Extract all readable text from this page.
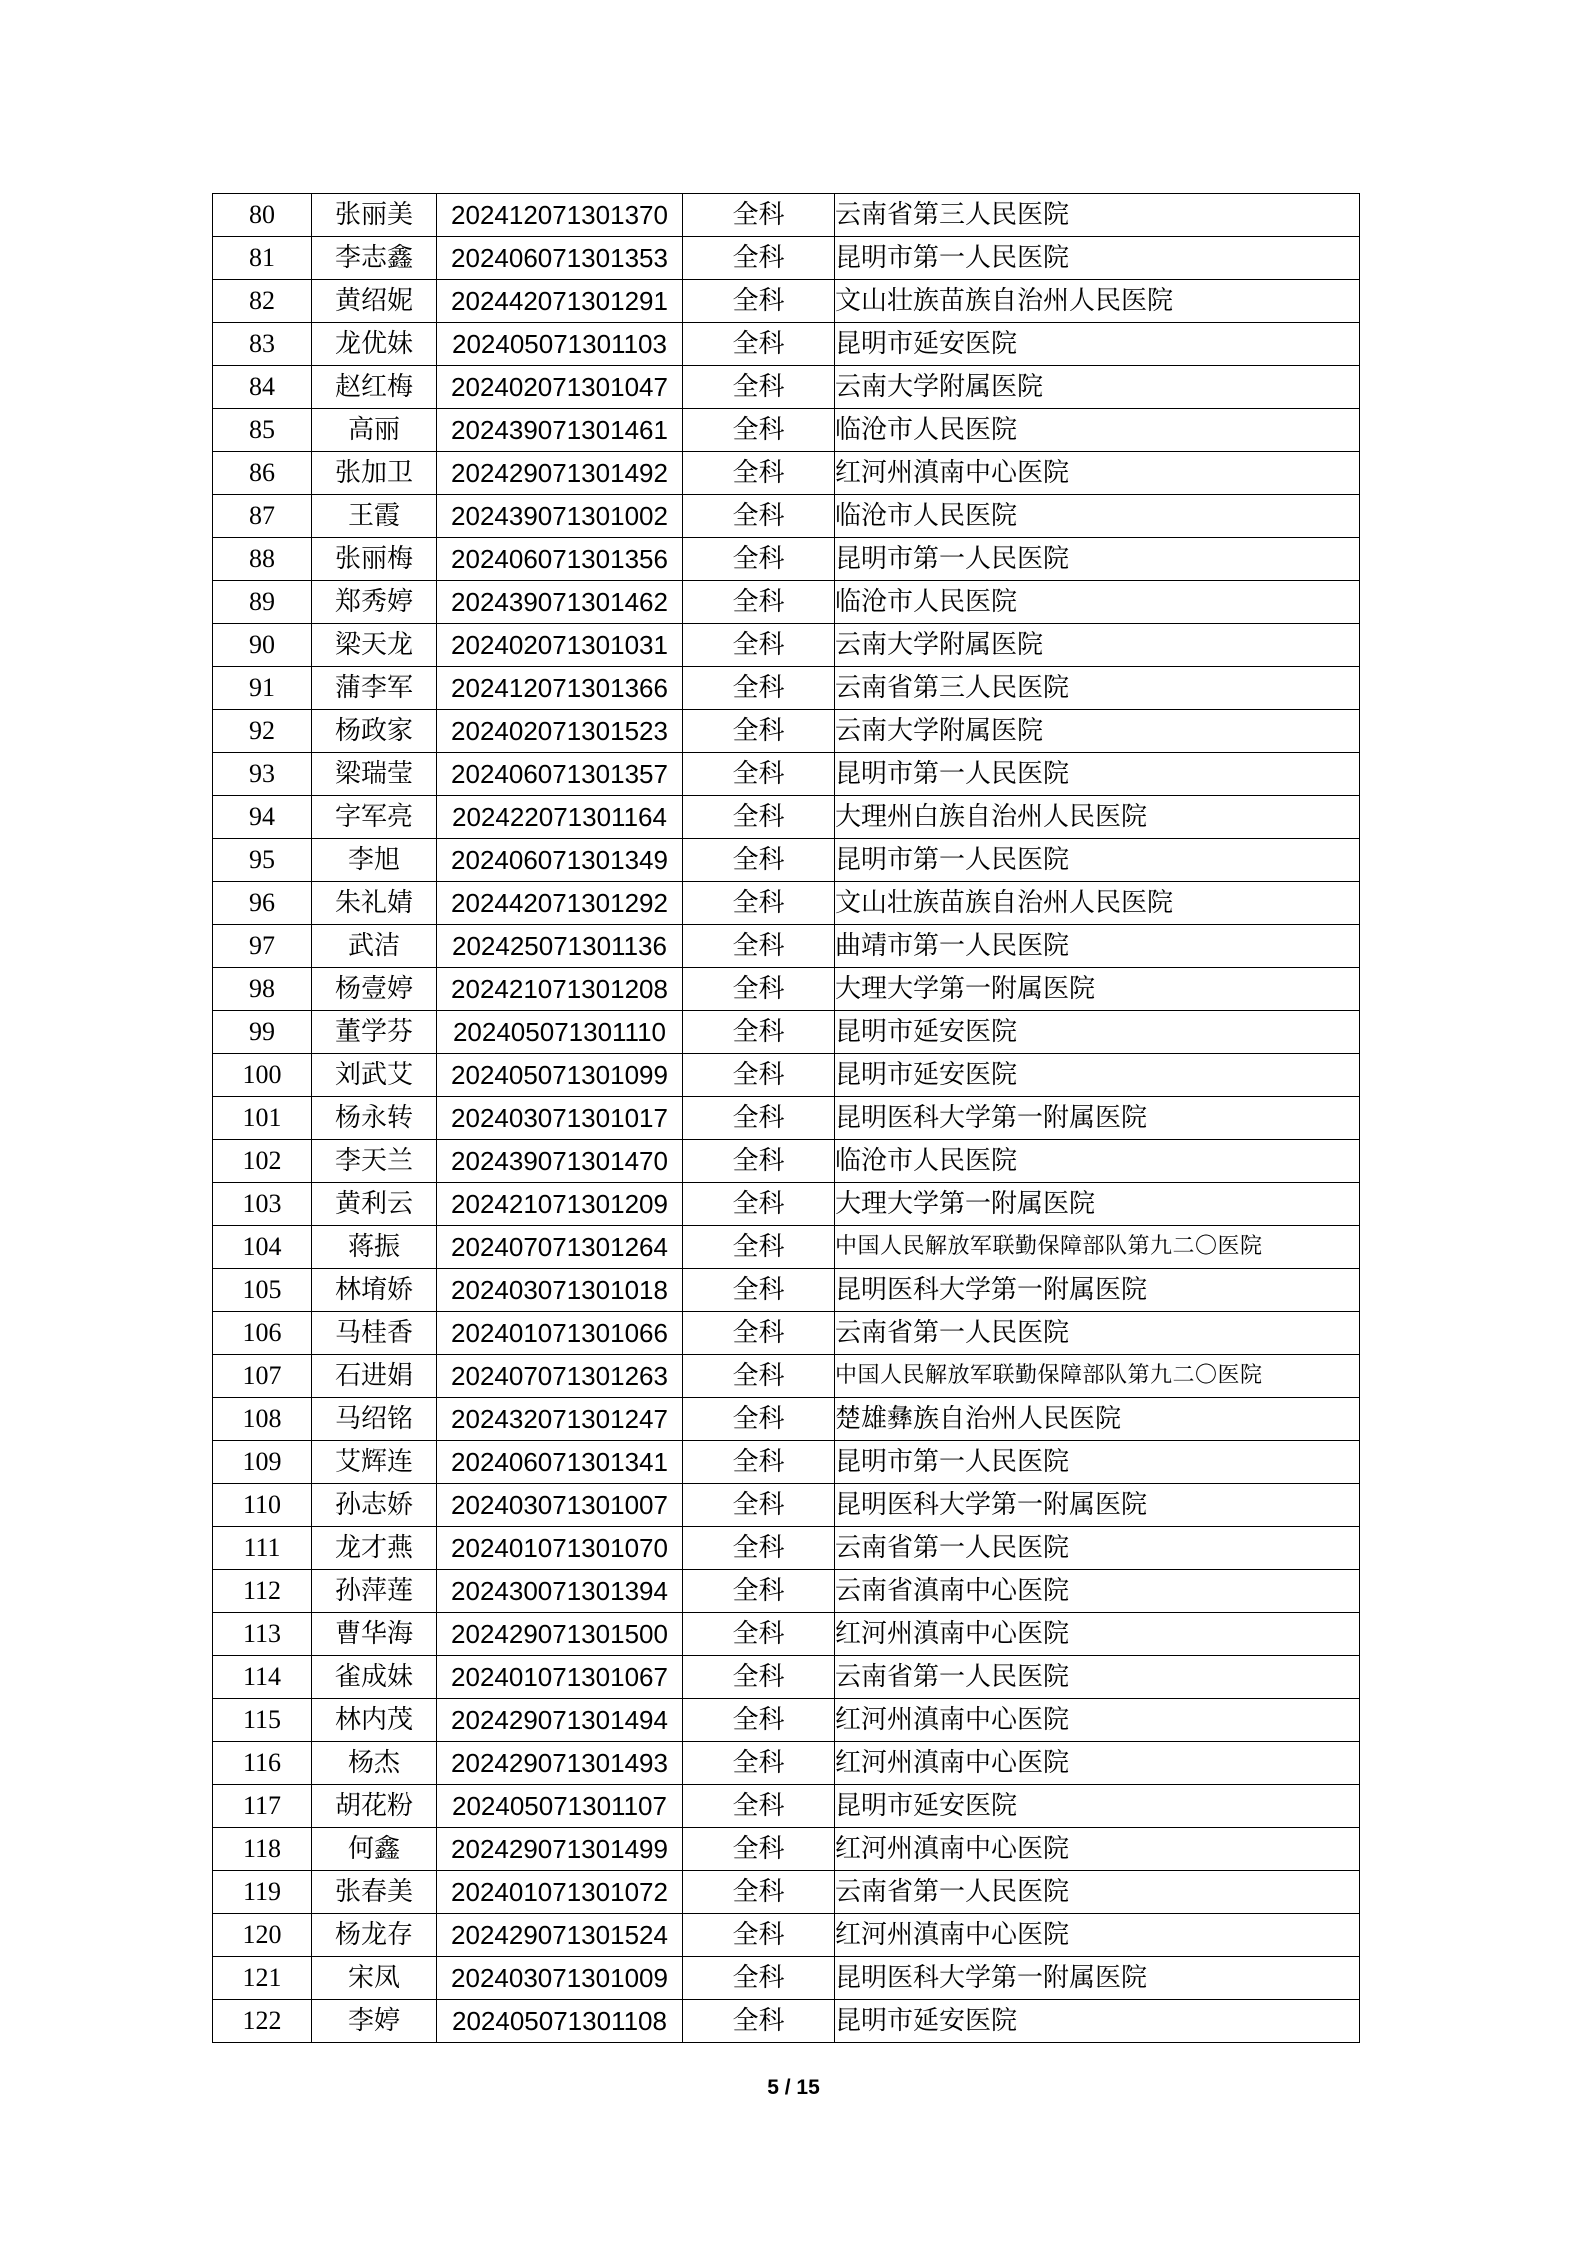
80	张丽美	202412071301370	全科	云南省第三人民医院
81	李志鑫	202406071301353	全科	昆明市第一人民医院
82	黄绍妮	202442071301291	全科	文山壮族苗族自治州人民医院
83	龙优妹	202405071301103	全科	昆明市延安医院
84	赵红梅	202402071301047	全科	云南大学附属医院
85	高丽	202439071301461	全科	临沧市人民医院
86	张加卫	202429071301492	全科	红河州滇南中心医院
87	王霞	202439071301002	全科	临沧市人民医院
88	张丽梅	202406071301356	全科	昆明市第一人民医院
89	郑秀婷	202439071301462	全科	临沧市人民医院
90	梁天龙	202402071301031	全科	云南大学附属医院
91	蒲李军	202412071301366	全科	云南省第三人民医院
92	杨政家	202402071301523	全科	云南大学附属医院
93	梁瑞莹	202406071301357	全科	昆明市第一人民医院
94	字军亮	202422071301164	全科	大理州白族自治州人民医院
95	李旭	202406071301349	全科	昆明市第一人民医院
96	朱礼婧	202442071301292	全科	文山壮族苗族自治州人民医院
97	武洁	202425071301136	全科	曲靖市第一人民医院
98	杨壹婷	202421071301208	全科	大理大学第一附属医院
99	董学芬	202405071301110	全科	昆明市延安医院
100	刘武艾	202405071301099	全科	昆明市延安医院
101	杨永转	202403071301017	全科	昆明医科大学第一附属医院
102	李天兰	202439071301470	全科	临沧市人民医院
103	黄利云	202421071301209	全科	大理大学第一附属医院
104	蒋振	202407071301264	全科	中国人民解放军联勤保障部队第九二〇医院
105	林堉娇	202403071301018	全科	昆明医科大学第一附属医院
106	马桂香	202401071301066	全科	云南省第一人民医院
107	石进娟	202407071301263	全科	中国人民解放军联勤保障部队第九二〇医院
108	马绍铭	202432071301247	全科	楚雄彝族自治州人民医院
109	艾辉连	202406071301341	全科	昆明市第一人民医院
110	孙志娇	202403071301007	全科	昆明医科大学第一附属医院
111	龙才燕	202401071301070	全科	云南省第一人民医院
112	孙萍莲	202430071301394	全科	云南省滇南中心医院
113	曹华海	202429071301500	全科	红河州滇南中心医院
114	雀成妹	202401071301067	全科	云南省第一人民医院
115	林内茂	202429071301494	全科	红河州滇南中心医院
116	杨杰	202429071301493	全科	红河州滇南中心医院
117	胡花粉	202405071301107	全科	昆明市延安医院
118	何鑫	202429071301499	全科	红河州滇南中心医院
119	张春美	202401071301072	全科	云南省第一人民医院
120	杨龙存	202429071301524	全科	红河州滇南中心医院
121	宋凤	202403071301009	全科	昆明医科大学第一附属医院
122	李婷	202405071301108	全科	昆明市延安医院
5 / 15
